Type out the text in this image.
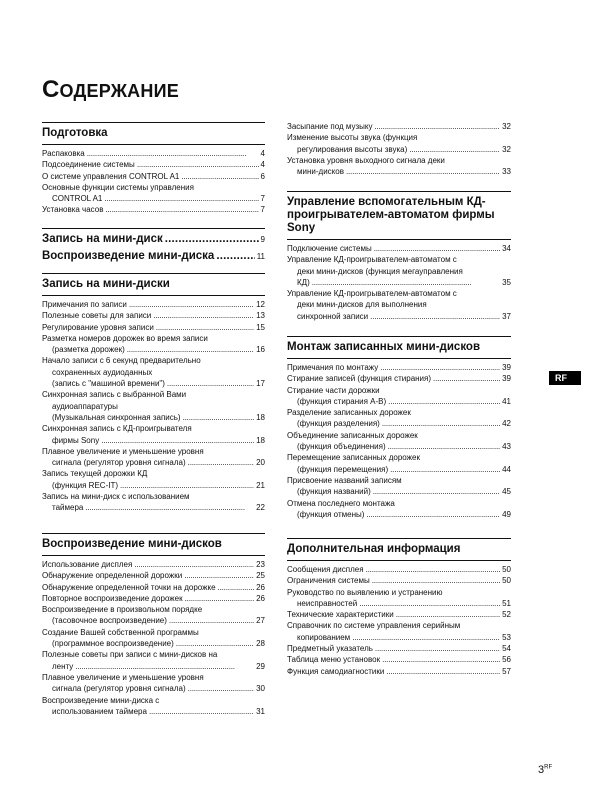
СОДЕРЖАНИЕ
Подготовка
Распаковка . . .	4
Подсоединение системы . . .	4
О системе управления CONTROL A1 . . .	6
Основные функции системы управления
CONTROL A1 . . .	7
Установка часов . . .	7
Запись на мини-диск . . .	9
Воспроизведение мини-диска . . .	11
Запись на мини-диски
Примечания по записи . . .	12
Полезные советы для записи . . .	13
Регулирование уровня записи . . .	15
Разметка номеров дорожек во время записи
(разметка дорожек) . . .	16
Начало записи с 6 секунд предварительно
сохраненных аудиоданных
(запись с "машиной времени") . . .	17
Синхронная запись с выбранной Вами
аудиоаппаратуры
(Музыкальная синхронная запись) . . .	18
Синхронная запись с КД-проигрывателя
фирмы Sony . . .	18
Плавное увеличение и уменьшение уровня
сигнала (регулятор уровня сигнала) . . .	20
Запись текущей дорожки КД
(функция REC-IT) . . .	21
Запись на мини-диск с использованием
таймера . . .	22
Воспроизведение мини-дисков
Использование дисплея . . .	23
Обнаружение определенной дорожки . . .	25
Обнаружение определенной точки на дорожке . . .	26
Повторное воспроизведение дорожек . . .	26
Воспроизведение в произвольном порядке
(тасовочное воспроизведение) . . .	27
Создание Вашей собственной программы
(программное воспроизведение) . . .	28
Полезные советы при записи с мини-дисков на
ленту . . .	29
Плавное увеличение и уменьшение уровня
сигнала (регулятор уровня сигнала) . . .	30
Воспроизведение мини-диска с
использованием таймера . . .	31
Засыпание под музыку . . .	32
Изменение высоты звука (функция
регулирования высоты звука) . . .	32
Установка уровня выходного сигнала деки
мини-дисков . . .	33
Управление вспомогательным КД-
проигрывателем-автоматом фирмы
Sony
Подключение системы . . .	34
Управление КД-проигрывателем-автоматом с
деки мини-дисков (функция мегауправления
КД) . . .	35
Управление КД-проигрывателем-автоматом с
деки мини-дисков для выполнения
синхронной записи . . .	37
Монтаж записанных мини-дисков
Примечания по монтажу . . .	39
Стирание записей (функция стирания) . . .	39
Стирание части дорожки
(функция стирания A-B) . . .	41
Разделение записанных дорожек
(функция разделения) . . .	42
Объединение записанных дорожек
(функция объединения) . . .	43
Перемещение записанных дорожек
(функция перемещения) . . .	44
Присвоение названий записям
(функция названий) . . .	45
Отмена последнего монтажа
(функция отмены) . . .	49
Дополнительная информация
Сообщения дисплея . . .	50
Ограничения системы . . .	50
Руководство по выявлению и устранению
неисправностей . . .	51
Технические характеристики . . .	52
Справочник по системе управления серийным
копированием . . .	53
Предметный указатель . . .	54
Таблица меню установок . . .	56
Функция самодиагностики . . .	57
RF
$3^{RF}$
